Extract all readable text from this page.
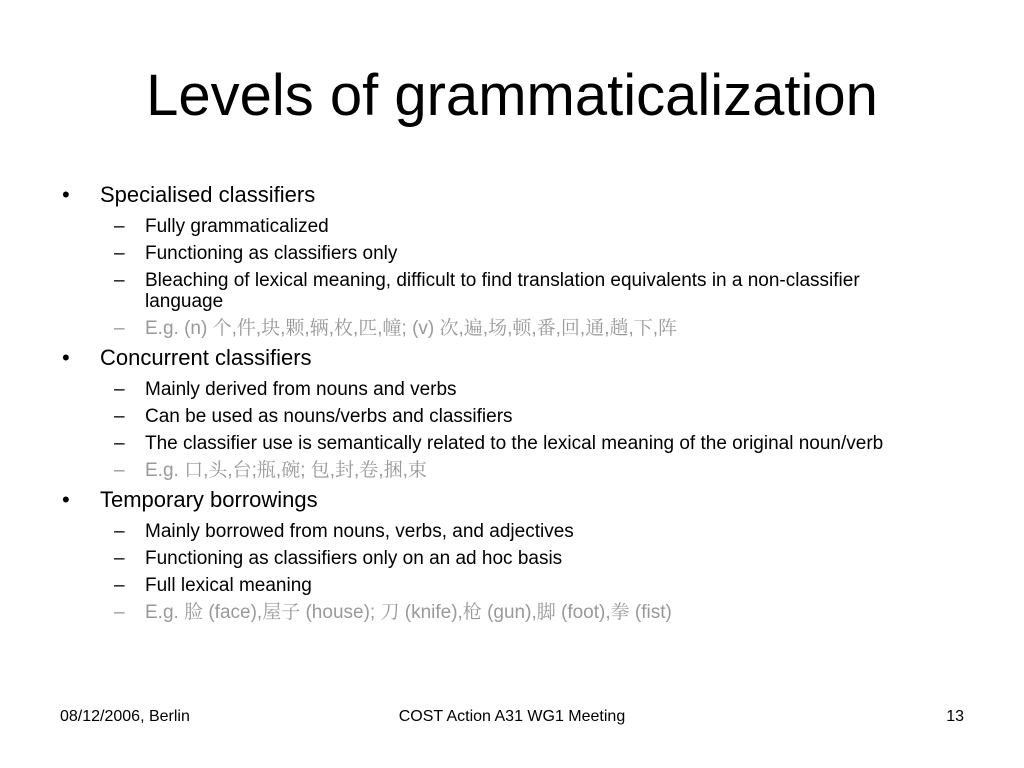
Levels of grammaticalization
• Specialised classifiers
– Fully grammaticalized
– Functioning as classifiers only
– Bleaching of lexical meaning, difficult to find translation equivalents in a non-classifier language
– E.g. (n) 个,件,块,颗,辆,枚,匹,幢; (v) 次,遍,场,顿,番,回,通,趟,下,阵
• Concurrent classifiers
– Mainly derived from nouns and verbs
– Can be used as nouns/verbs and classifiers
– The classifier use is semantically related to the lexical meaning of the original noun/verb
– E.g. 口,头,台;瓶,碗; 包,封,卷,捆,束
• Temporary borrowings
– Mainly borrowed from nouns, verbs, and adjectives
– Functioning as classifiers only on an ad hoc basis
– Full lexical meaning
– E.g. 脸 (face),屋子 (house); 刀 (knife),枪 (gun),脚 (foot),拳 (fist)
08/12/2006, Berlin	COST Action A31 WG1 Meeting	13
